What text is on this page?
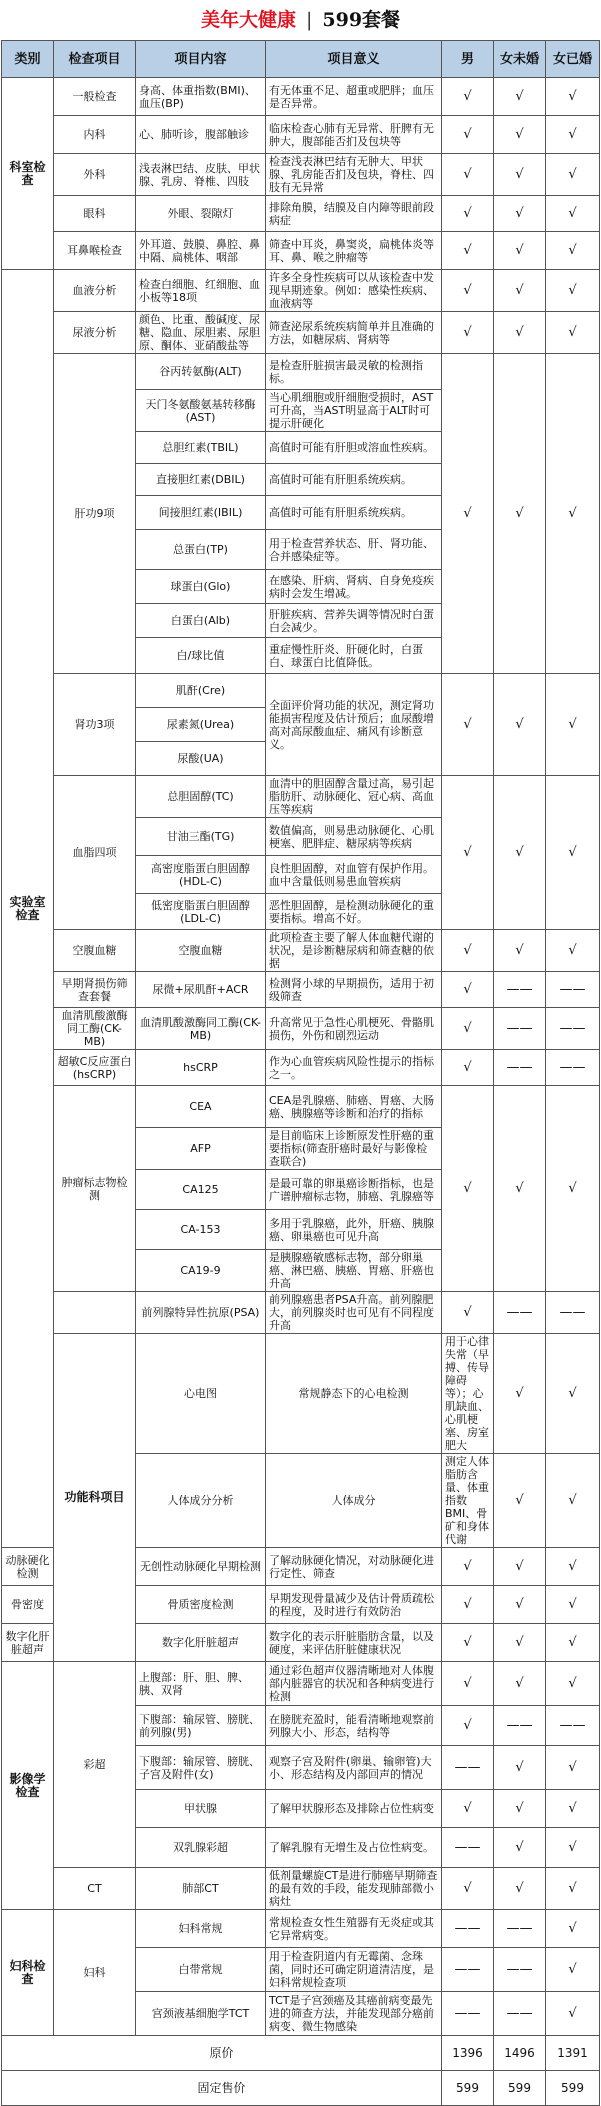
美年大健康 | 599套餐
类别	检查项目	项目内容	项目意义	男	女未婚	女已婚	
科室检查	一般检查	身高、体重指数(BMI)、血压(BP)	有无体重不足、超重或肥胖；血压是否异常。	√	√	√	
	内科	心、肺听诊，腹部触诊	临床检查心肺有无异常、肝脾有无肿大，腹部能否扪及包块等	√	√	√	
	外科	浅表淋巴结、皮肤、甲状腺、乳房、脊椎、四肢	检查浅表淋巴结有无肿大、甲状腺、乳房能否扪及包块，脊柱、四肢有无异常	√	√	√	
	眼科	外眼、裂隙灯	排除角膜，结膜及自内障等眼前段病症	√	√	√	
	耳鼻喉检查	外耳道、鼓膜、鼻腔、鼻中隔、扁桃体、咽部	筛查中耳炎，鼻窦炎，扁桃体炎等耳、鼻、喉之肿瘤等	√	√	√	
实验室检查	血液分析	检查白细胞、红细胞、血小板等18项	许多全身性疾病可以从该检查中发现早期迹象。例如：感染性疾病、血液病等	√	√	√	
	尿液分析	颜色、比重、酸碱度、尿糖、隐血、尿胆素、尿胆原、酮体、亚硝酸盐等	筛查泌尿系统疾病简单并且准确的方法，如糖尿病、肾病等	√	√	√	
	肝功9项	谷丙转氨酶(ALT)	是检查肝脏损害最灵敏的检测指标。	√	√	√	
		天门冬氨酸氨基转移酶(AST)	当心肌细胞或肝细胞受损时，AST可升高，当AST明显高于ALT时可提示肝硬化				
		总胆红素(TBIL)	高值时可能有肝胆或溶血性疾病。				
		直接胆红素(DBIL)	高值时可能有肝胆系统疾病。				
		间接胆红素(IBIL)	高值时可能有肝胆系统疾病。				
		总蛋白(TP)	用于检查营养状态、肝、肾功能、合并感染症等。				
		球蛋白(Glo)	在感染、肝病、肾病、自身免疫疾病时会发生增减。				
		白蛋白(Alb)	肝脏疾病、营养失调等情况时白蛋白会减少。				
		白/球比值	重症慢性肝炎、肝硬化时，白蛋白、球蛋白比值降低。				
	肾功3项	肌酐(Cre)	全面评价肾功能的状况，测定肾功能损害程度及估计预后；血尿酸增高对高尿酸血症、痛风有诊断意义。	√	√	√	
		尿素氮(Urea)					
		尿酸(UA)					
	血脂四项	总胆固醇(TC)	血清中的胆固醇含量过高，易引起脂肪肝、动脉硬化、冠心病、高血压等疾病	√	√	√	
		甘油三酯(TG)	数值偏高，则易患动脉硬化、心肌梗塞、肥胖症、糖尿病等疾病				
		高密度脂蛋白胆固醇(HDL-C)	良性胆固醇，对血管有保护作用。血中含量低则易患血管疾病				
		低密度脂蛋白胆固醇(LDL-C)	恶性胆固醇，是检测动脉硬化的重要指标。增高不好。				
	空腹血糖	空腹血糖	此项检查主要了解人体血糖代谢的状况，是诊断糖尿病和筛查糖的依据	√	√	√	
	早期肾损伤筛查套餐	尿微+尿肌酐+ACR	检测肾小球的早期损伤，适用于初级筛查	√	——	——	
	血清肌酸激酶同工酶(CK-MB)	血清肌酸激酶同工酶(CK-MB)	升高常见于急性心肌梗死、骨骼肌损伤，外伤和剧烈运动	√	——	——	
	超敏C反应蛋白(hsCRP)	hsCRP	作为心血管疾病风险性提示的指标之一。	√	——	——	
	肿瘤标志物检测	CEA	CEA是乳腺癌、肺癌、胃癌、大肠癌、胰腺癌等诊断和治疗的指标	√	√	√	
		AFP	是目前临床上诊断原发性肝癌的重要指标(筛查肝癌时最好与影像检查联合)				
		CA125	是最可靠的卵巢癌诊断指标，也是广谱肿瘤标志物，肺癌、乳腺癌等				
		CA-153	多用于乳腺癌，此外，肝癌、胰腺癌、卵巢癌也可见升高				
		CA19-9	是胰腺癌敏感标志物，部分卵巢癌、淋巴癌、胰癌、胃癌、肝癌也升高				
		前列腺特异性抗原(PSA)	前列腺癌患者PSA升高。前列腺肥大，前列腺炎时也可见有不同程度升高	√	——	——	
	功能科项目	心电图	常规静态下的心电检测	用于心律失常（早搏、传导障碍等）；心肌缺血、心肌梗塞、房室肥大	√	√	
		人体成分分析	人体成分	测定人体脂肪含量、体重指数BMI、骨矿和身体代谢	√	√	
动脉硬化检测		无创性动脉硬化早期检测	了解动脉硬化情况，对动脉硬化进行定性、筛查	√	√	√	
骨密度		骨质密度检测	早期发现骨量减少及估计骨质疏松的程度，及时进行有效防治	√	√	√	
数字化肝脏超声		数字化肝脏超声	数字化的表示肝脏脂肪含量，以及硬度，来评估肝脏健康状况	√	√	√	
影像学检查	彩超	上腹部：肝、胆、脾、胰、双肾	通过彩色超声仪器清晰地对人体腹部内脏器官的状况和各种病变进行检测	√	√	√	
		下腹部：输尿管、膀胱、前列腺(男)	在膀胱充盈时，能看清晰地观察前列腺大小、形态，结构等	√	——	——	
		下腹部：输尿管、膀胱、子宫及附件(女)	观察子宫及附件(卵巢、输卵管)大小、形态结构及内部回声的情况	——	√	√	
		甲状腺	了解甲状腺形态及排除占位性病变	√	√	√	
		双乳腺彩超	了解乳腺有无增生及占位性病变。	——	√	√	
	CT	肺部CT	低剂量螺旋CT是进行肺癌早期筛查的最有效的手段，能发现肺部微小病灶	√	√	√	
妇科检查	妇科	妇科常规	常规检查女性生殖器有无炎症或其它异常病变。	——	——	√	
		白带常规	用于检查阴道内有无霉菌、念珠菌，同时还可确定阴道清洁度，是妇科常规检查项	——	——	√	
		宫颈液基细胞学TCT	TCT是子宫颈癌及其癌前病变最先进的筛查方法，并能发现部分癌前病变、微生物感染	——	——	√	
原价				1396	1496	1391	
固定售价				599	599	599	
